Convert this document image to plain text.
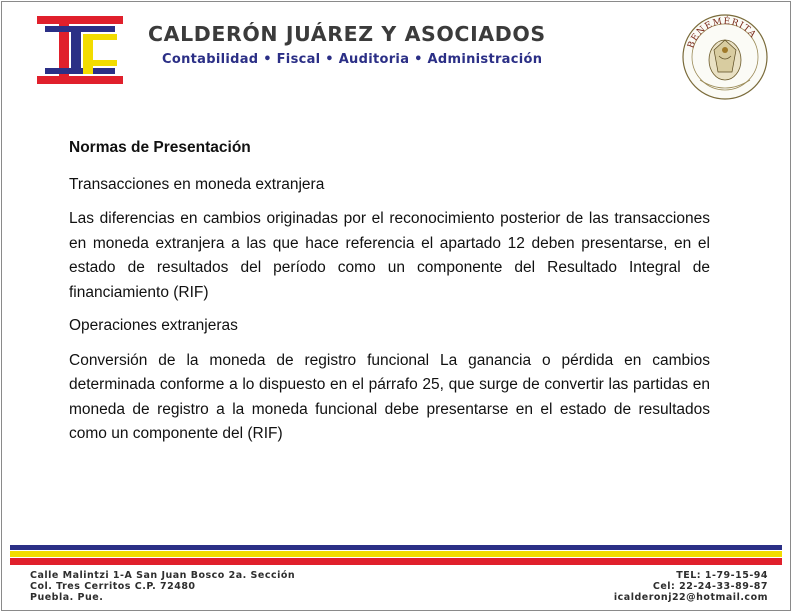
CALDERÓN JUÁREZ Y ASOCIADOS
Contabilidad • Fiscal • Auditoria • Administración
BENEMÉRITA

Normas de Presentación

Transacciones en moneda extranjera

Las diferencias en cambios originadas por el reconocimiento posterior de las transacciones en moneda extranjera a las que hace referencia el apartado 12 deben presentarse, en el estado de resultados del período como un componente del Resultado Integral de financiamiento (RIF)

Operaciones extranjeras

Conversión de la moneda de registro funcional La ganancia o pérdida en cambios determinada conforme a lo dispuesto en el párrafo 25, que surge de convertir las partidas en moneda de registro a la moneda funcional debe presentarse en el estado de resultados como un componente del (RIF)

Calle Malintzi 1-A San Juan Bosco 2a. Sección
Col. Tres Cerritos C.P. 72480
Puebla. Pue.
TEL: 1-79-15-94
Cel: 22-24-33-89-87
icalderonj22@hotmail.com
